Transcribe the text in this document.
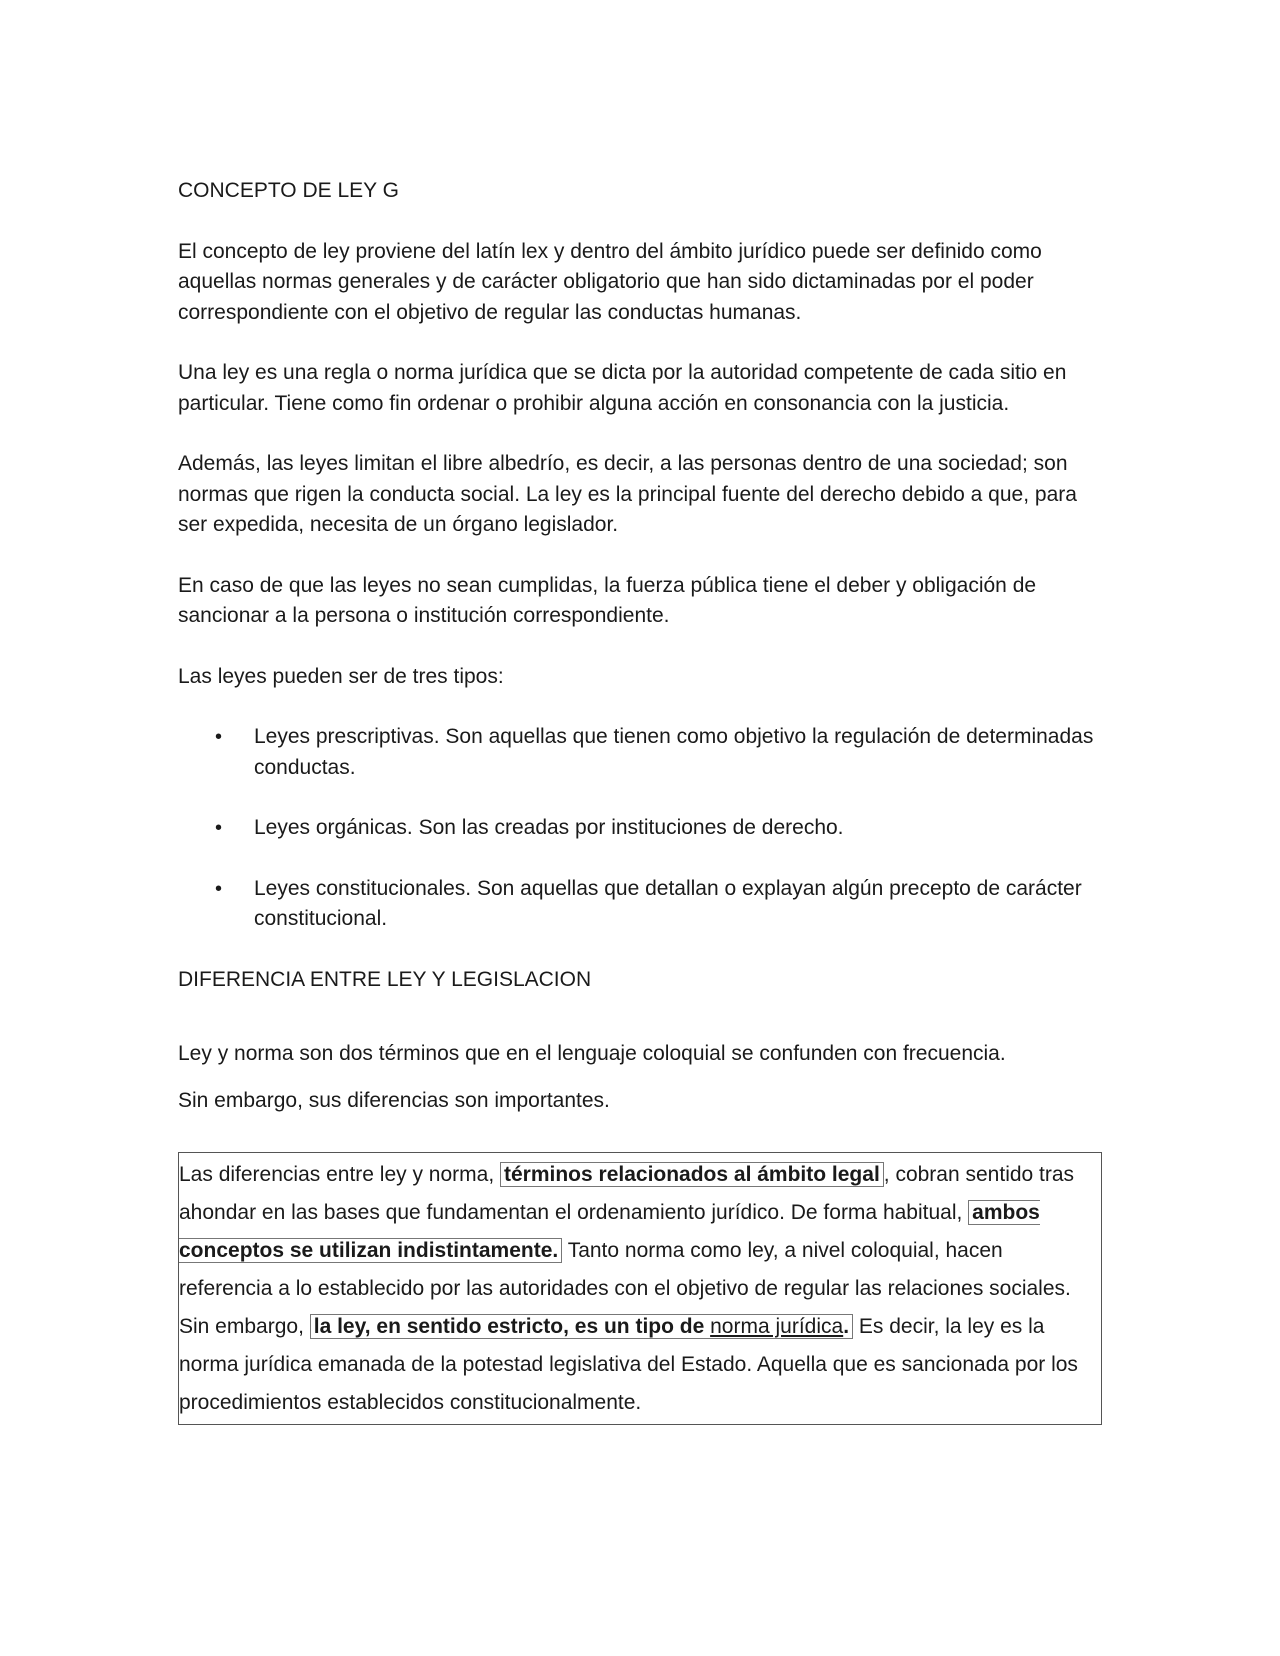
CONCEPTO DE LEY G

El concepto de ley proviene del latín lex y dentro del ámbito jurídico puede ser definido como aquellas normas generales y de carácter obligatorio que han sido dictaminadas por el poder correspondiente con el objetivo de regular las conductas humanas.

Una ley es una regla o norma jurídica que se dicta por la autoridad competente de cada sitio en particular. Tiene como fin ordenar o prohibir alguna acción en consonancia con la justicia.

Además, las leyes limitan el libre albedrío, es decir, a las personas dentro de una sociedad; son normas que rigen la conducta social. La ley es la principal fuente del derecho debido a que, para ser expedida, necesita de un órgano legislador.

En caso de que las leyes no sean cumplidas, la fuerza pública tiene el deber y obligación de sancionar a la persona o institución correspondiente.

Las leyes pueden ser de tres tipos:

• Leyes prescriptivas. Son aquellas que tienen como objetivo la regulación de determinadas conductas.
• Leyes orgánicas. Son las creadas por instituciones de derecho.
• Leyes constitucionales. Son aquellas que detallan o explayan algún precepto de carácter constitucional.
DIFERENCIA ENTRE LEY Y LEGISLACION

Ley y norma son dos términos que en el lenguaje coloquial se confunden con frecuencia.

Sin embargo, sus diferencias son importantes.

Las diferencias entre ley y norma, términos relacionados al ámbito legal , cobran sentido tras ahondar en las bases que fundamentan el ordenamiento jurídico. De forma habitual, ambos conceptos se utilizan indistintamente. Tanto norma como ley, a nivel coloquial, hacen referencia a lo establecido por las autoridades con el objetivo de regular las relaciones sociales.
Sin embargo, la ley, en sentido estricto, es un tipo de norma jurídica. Es decir, la ley es la norma jurídica emanada de la potestad legislativa del Estado. Aquella que es sancionada por los procedimientos establecidos constitucionalmente.
